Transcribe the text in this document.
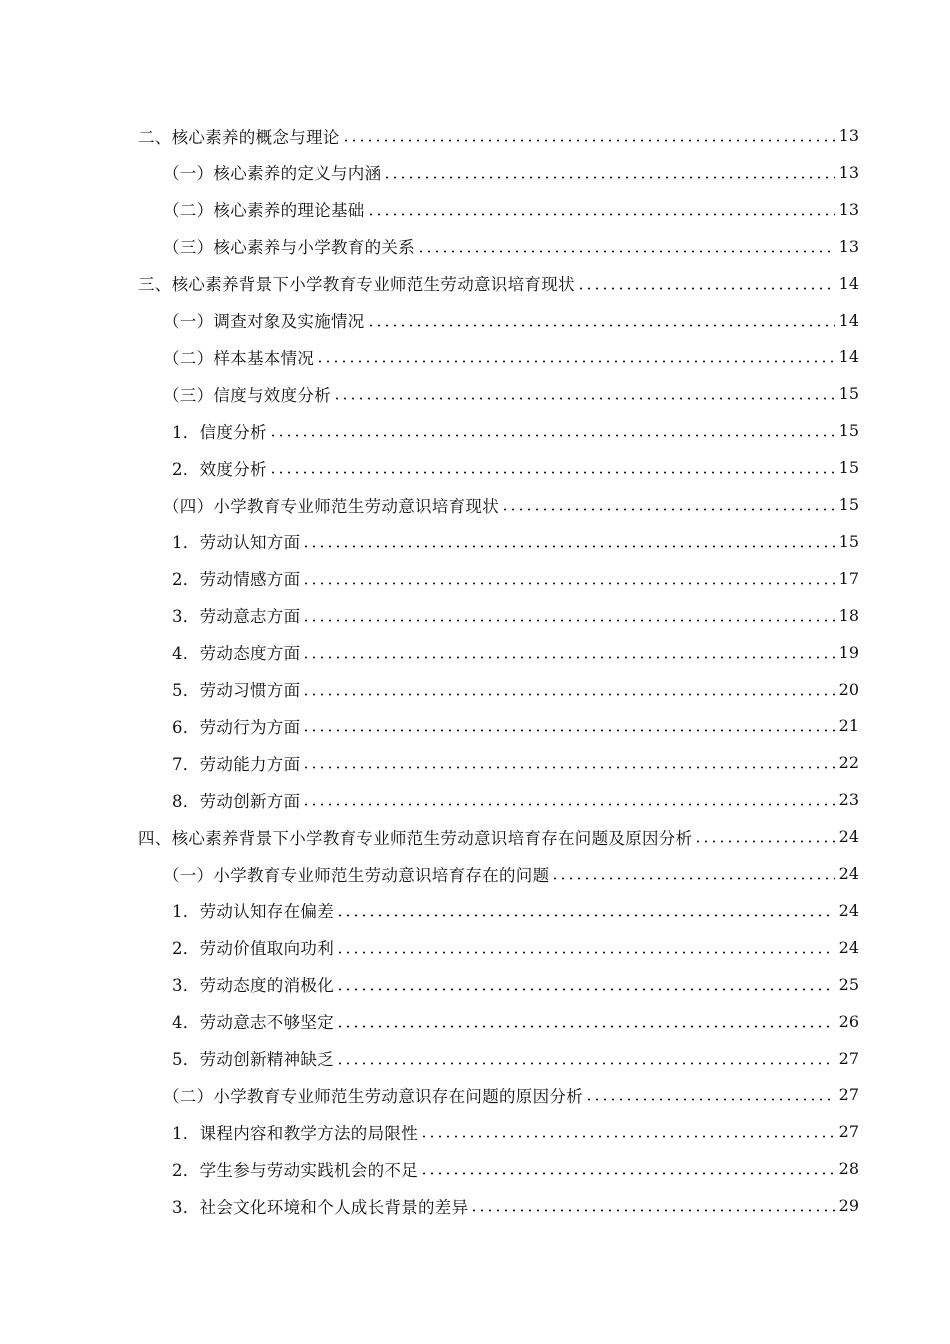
二、核心素养的概念与理论	13
（一）核心素养的定义与内涵	13
（二）核心素养的理论基础	13
（三）核心素养与小学教育的关系	13
三、核心素养背景下小学教育专业师范生劳动意识培育现状	14
（一）调查对象及实施情况	14
（二）样本基本情况	14
（三）信度与效度分析	15
1．信度分析	15
2．效度分析	15
（四）小学教育专业师范生劳动意识培育现状	15
1．劳动认知方面	15
2．劳动情感方面	17
3．劳动意志方面	18
4．劳动态度方面	19
5．劳动习惯方面	20
6．劳动行为方面	21
7．劳动能力方面	22
8．劳动创新方面	23
四、核心素养背景下小学教育专业师范生劳动意识培育存在问题及原因分析	24
（一）小学教育专业师范生劳动意识培育存在的问题	24
1．劳动认知存在偏差	24
2．劳动价值取向功利	24
3．劳动态度的消极化	25
4．劳动意志不够坚定	26
5．劳动创新精神缺乏	27
（二）小学教育专业师范生劳动意识存在问题的原因分析	27
1．课程内容和教学方法的局限性	27
2．学生参与劳动实践机会的不足	28
3．社会文化环境和个人成长背景的差异	29
